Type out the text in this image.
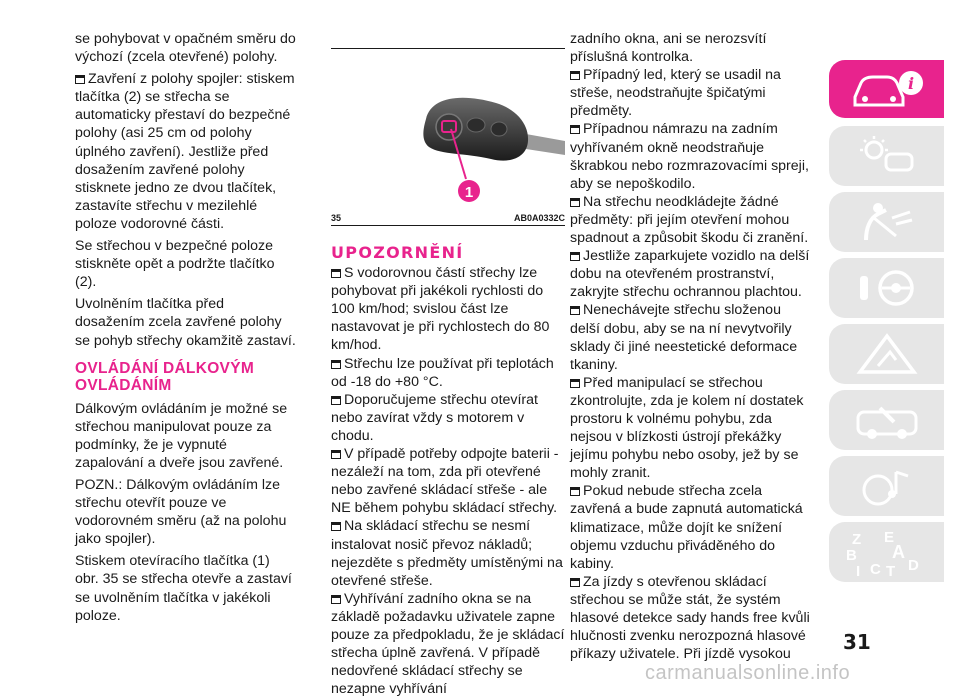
se pohybovat v opačném směru do výchozí (zcela otevřené) polohy.

Zavření z polohy spojler: stiskem tlačítka (2) se střecha se automaticky přestaví do bezpečné polohy (asi 25 cm od polohy úplného zavření). Jestliže před dosažením zavřené polohy stisknete jedno ze dvou tlačítek, zastavíte střechu v mezilehlé poloze vodorovné části.

Se střechou v bezpečné poloze stiskněte opět a podržte tlačítko (2).

Uvolněním tlačítka před dosažením zcela zavřené polohy se pohyb střechy okamžitě zastaví.

OVLÁDÁNÍ DÁLKOVÝM OVLÁDÁNÍM

Dálkovým ovládáním je možné se střechou manipulovat pouze za podmínky, že je vypnuté zapalování a dveře jsou zavřené.

POZN.: Dálkovým ovládáním lze střechu otevřít pouze ve vodorovném směru (až na polohu jako spojler).

Stiskem otevíracího tlačítka (1) obr. 35 se střecha otevře a zastaví se uvolněním tlačítka v jakékoli poloze.

1
35	AB0A0332C
UPOZORNĚNÍ

S vodorovnou částí střechy lze pohybovat při jakékoli rychlosti do 100 km/hod; svislou část lze nastavovat je při rychlostech do 80 km/hod.

Střechu lze používat při teplotách od -18 do +80 °C.

Doporučujeme střechu otevírat nebo zavírat vždy s motorem v chodu.

V případě potřeby odpojte baterii - nezáleží na tom, zda při otevřené nebo zavřené skládací střeše - ale NE během pohybu skládací střechy.

Na skládací střechu se nesmí instalovat nosič převoz nákladů; nejezděte s předměty umístěnými na otevřené střeše.

Vyhřívání zadního okna se na základě požadavku uživatele zapne pouze za předpokladu, že je skládací střecha úplně zavřená. V případě nedovřené skládací střechy se nezapne vyhřívání

zadního okna, ani se nerozsvítí příslušná kontrolka.

Případný led, který se usadil na střeše, neodstraňujte špičatými předměty.

Případnou námrazu na zadním vyhřívaném okně neodstraňuje škrabkou nebo rozmrazovacími spreji, aby se nepoškodilo.

Na střechu neodkládejte žádné předměty: při jejím otevření mohou spadnout a způsobit škodu či zranění.

Jestliže zaparkujete vozidlo na delší dobu na otevřeném prostranství, zakryjte střechu ochrannou plachtou.

Nenechávejte střechu složenou delší dobu, aby se na ní nevytvořily sklady či jiné neestetické deformace tkaniny.

Před manipulací se střechou zkontrolujte, zda je kolem ní dostatek prostoru k volnému pohybu, zda nejsou v blízkosti ústrojí překážky jejímu pohybu nebo osoby, jež by se mohly zranit.

Pokud nebude střecha zcela zavřená a bude zapnutá automatická klimatizace, může dojít ke snížení objemu vzduchu přiváděného do kabiny.

Za jízdy s otevřenou skládací střechou se může stát, že systém hlasové detekce sady hands free kvůli hlučnosti zvenku nerozpozná hlasové příkazy uživatele. Při jízdě vysokou

i
Z E
B A
I C T D
31
carmanualsonline.info
